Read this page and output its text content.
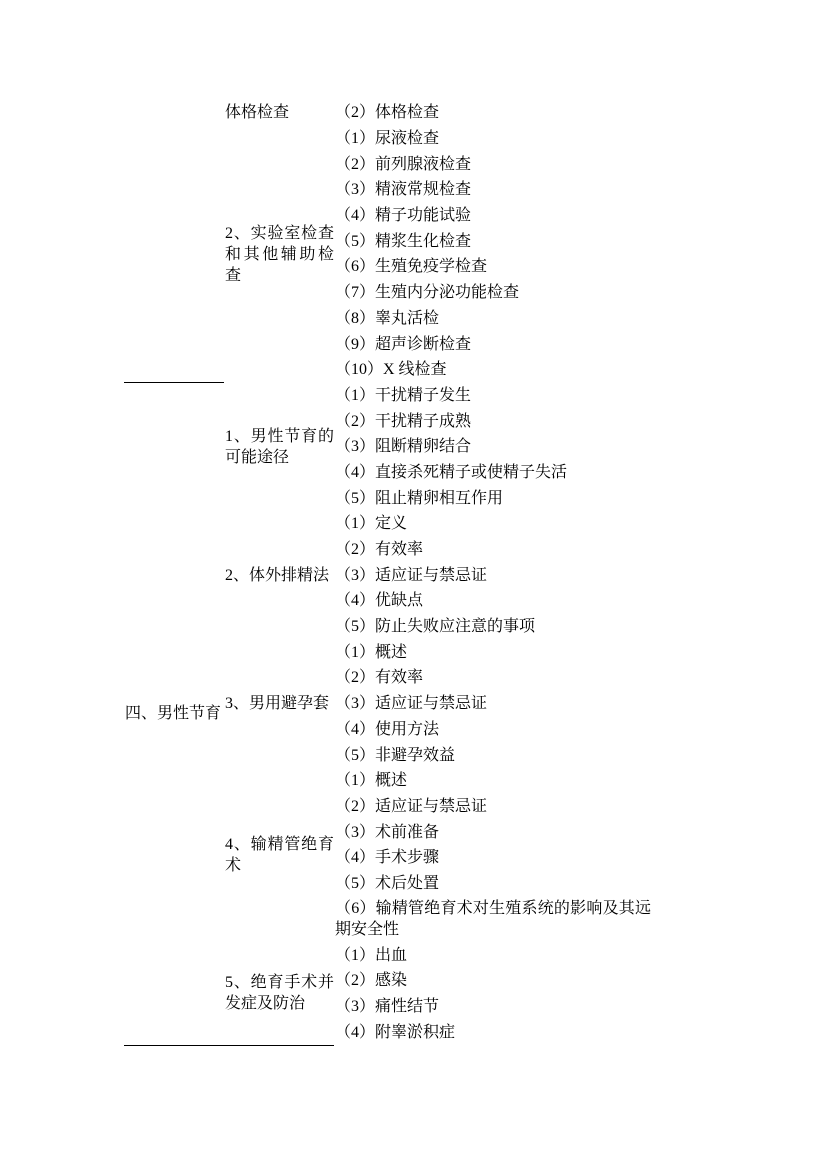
	体格检查	（2）体格检查
	2、实验室检查和其他辅助检查	（1）尿液检查
		（2）前列腺液检查
		（3）精液常规检查
		（4）精子功能试验
		（5）精浆生化检查
		（6）生殖免疫学检查
		（7）生殖内分泌功能检查
		（8）睾丸活检
		（9）超声诊断检查
		（10）X 线检查
四、男性节育	1、男性节育的可能途径	（1）干扰精子发生
		（2）干扰精子成熟
		（3）阻断精卵结合
		（4）直接杀死精子或使精子失活
		（5）阻止精卵相互作用
	2、体外排精法	（1）定义
		（2）有效率
		（3）适应证与禁忌证
		（4）优缺点
		（5）防止失败应注意的事项
	3、男用避孕套	（1）概述
		（2）有效率
		（3）适应证与禁忌证
		（4）使用方法
		（5）非避孕效益
	4、输精管绝育术	（1）概述
		（2）适应证与禁忌证
		（3）术前准备
		（4）手术步骤
		（5）术后处置
		（6）输精管绝育术对生殖系统的影响及其远期安全性
	5、绝育手术并发症及防治	（1）出血
		（2）感染
		（3）痛性结节
		（4）附睾淤积症
